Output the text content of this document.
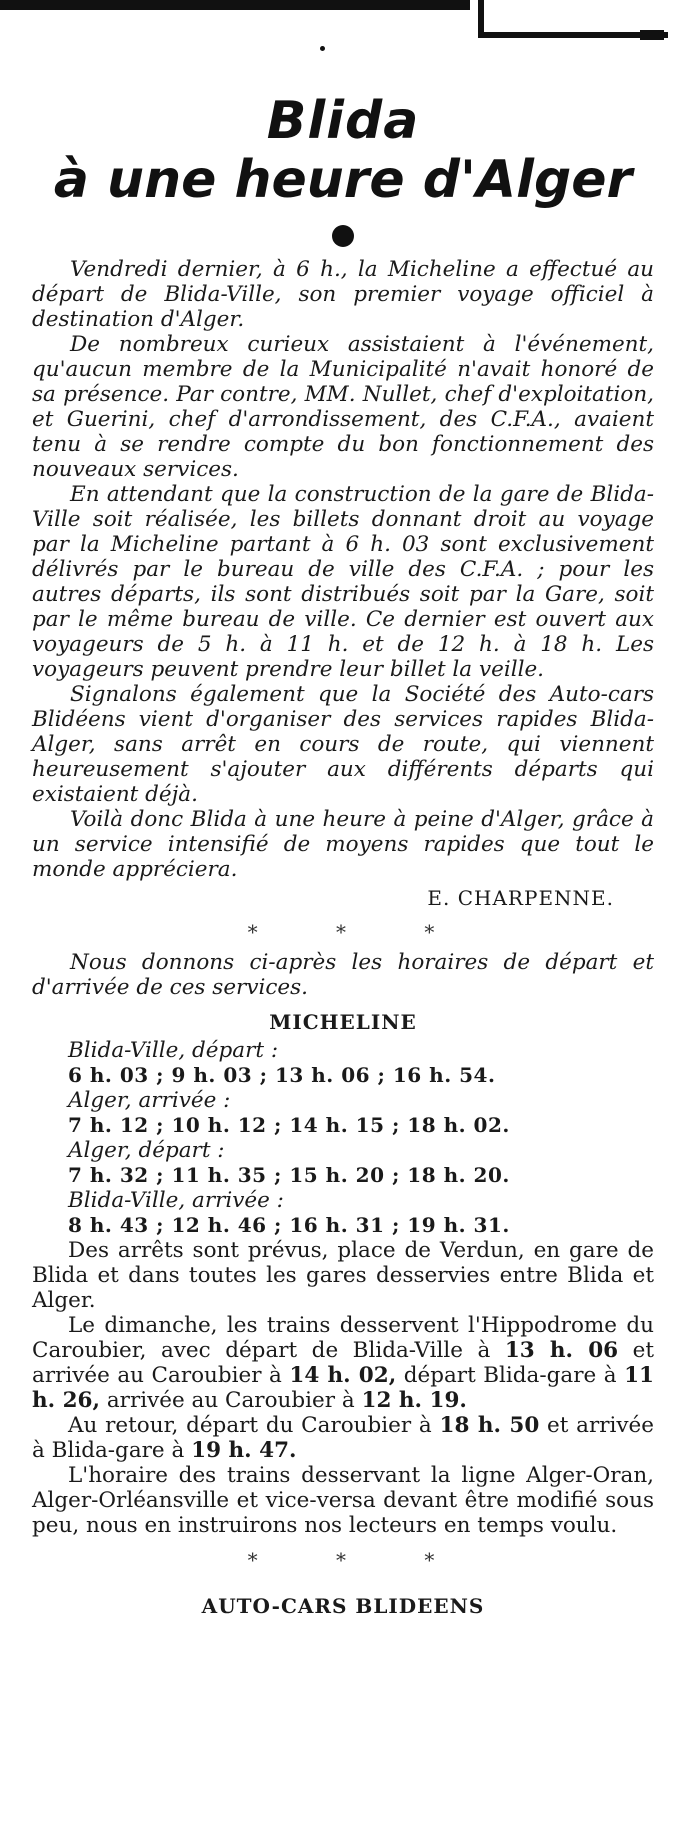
Blida
à une heure d'Alger

Vendredi dernier, à 6 h., la Micheline a effectué au départ de Blida-Ville, son premier voyage officiel à destination d'Alger.

De nombreux curieux assistaient à l'événement, qu'aucun membre de la Municipalité n'avait honoré de sa présence. Par contre, MM. Nullet, chef d'exploitation, et Guerini, chef d'arrondissement, des C.F.A., avaient tenu à se rendre compte du bon fonctionnement des nouveaux services.

En attendant que la construction de la gare de Blida-Ville soit réalisée, les billets donnant droit au voyage par la Micheline partant à 6 h. 03 sont exclusivement délivrés par le bureau de ville des C.F.A. ; pour les autres départs, ils sont distribués soit par la Gare, soit par le même bureau de ville. Ce dernier est ouvert aux voyageurs de 5 h. à 11 h. et de 12 h. à 18 h. Les voyageurs peuvent prendre leur billet la veille.

Signalons également que la Société des Auto-cars Blidéens vient d'organiser des services rapides Blida-Alger, sans arrêt en cours de route, qui viennent heureusement s'ajouter aux différents départs qui existaient déjà.

Voilà donc Blida à une heure à peine d'Alger, grâce à un service intensifié de moyens rapides que tout le monde appréciera.

E. CHARPENNE.
* * *

Nous donnons ci-après les horaires de départ et d'arrivée de ces services.

MICHELINE
Blida-Ville, départ :
6 h. 03 ; 9 h. 03 ; 13 h. 06 ; 16 h. 54.
Alger, arrivée :
7 h. 12 ; 10 h. 12 ; 14 h. 15 ; 18 h. 02.
Alger, départ :
7 h. 32 ; 11 h. 35 ; 15 h. 20 ; 18 h. 20.
Blida-Ville, arrivée :
8 h. 43 ; 12 h. 46 ; 16 h. 31 ; 19 h. 31.

Des arrêts sont prévus, place de Verdun, en gare de Blida et dans toutes les gares desservies entre Blida et Alger.

Le dimanche, les trains desservent l'Hippodrome du Caroubier, avec départ de Blida-Ville à 13 h. 06 et arrivée au Caroubier à 14 h. 02, départ Blida-gare à 11 h. 26, arrivée au Caroubier à 12 h. 19.

Au retour, départ du Caroubier à 18 h. 50 et arrivée à Blida-gare à 19 h. 47.

L'horaire des trains desservant la ligne Alger-Oran, Alger-Orléansville et vice-versa devant être modifié sous peu, nous en instruirons nos lecteurs en temps voulu.

* * *
AUTO-CARS BLIDEENS
